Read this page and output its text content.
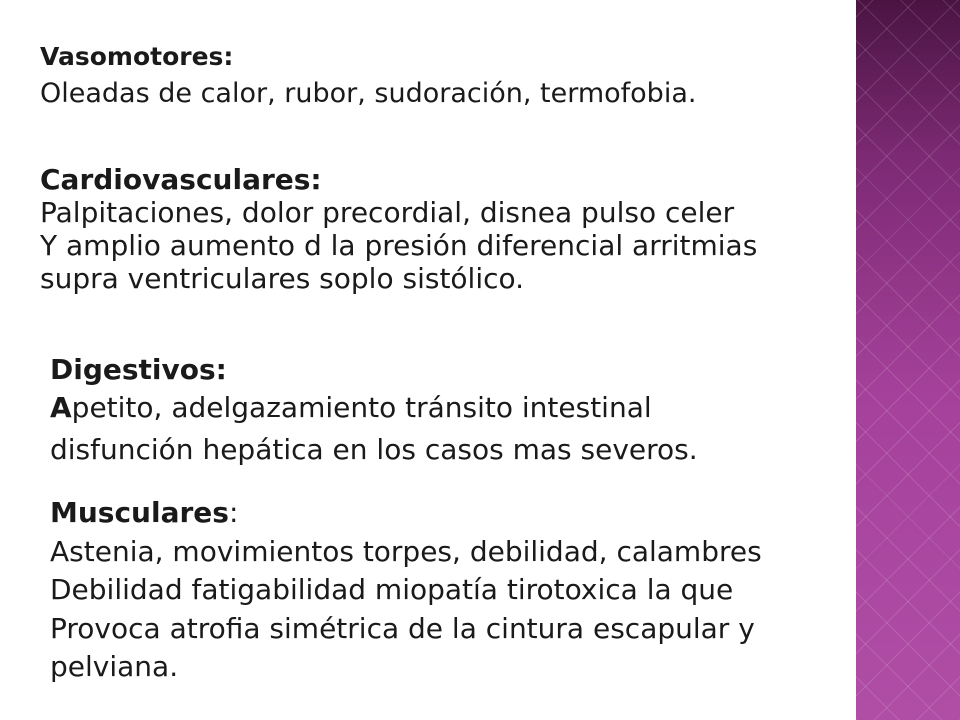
Vasomotores:
Oleadas de calor, rubor, sudoración, termofobia.
Cardiovasculares:
Palpitaciones, dolor precordial, disnea pulso celer
Y amplio aumento d la presión diferencial arritmias
supra ventriculares soplo sistólico.
Digestivos:
Apetito, adelgazamiento tránsito intestinal
disfunción hepática en los casos mas severos.
Musculares:
Astenia, movimientos torpes, debilidad, calambres
Debilidad fatigabilidad miopatía tirotoxica la que
Provoca atrofia simétrica de la cintura escapular y
pelviana.
